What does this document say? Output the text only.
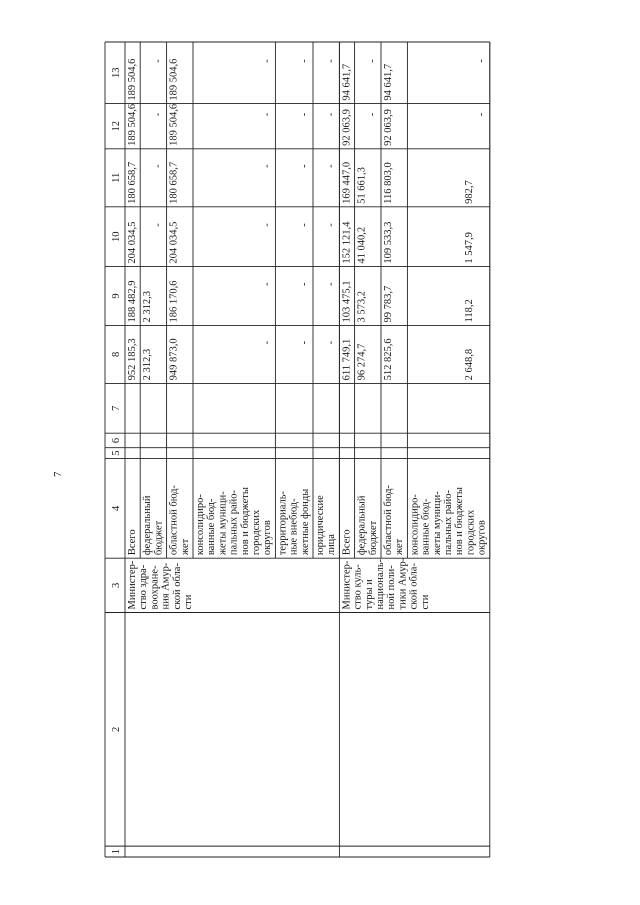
7
1
2
3
4
5
6
7
8
9
10
11
12
13
Всего
952 185,3
188 482,9
204 034,5
180 658,7
189 504,6
189 504,6
федеральный бюджет
2 312,3
2 312,3
-
-
-
-
областной бюд- жет
949 873,0
186 170,6
204 034,5
180 658,7
189 504,6
189 504,6
консолидиро- ванные бюд- жеты муници- пальных райо- нов и бюджеты городских округов
-
-
-
-
-
-
территориаль- ные внебюд- жетные фонды
-
-
-
-
-
-
юридические лица
-
-
-
-
-
-
Министер- ство здра- воохране- ния Амур- ской обла- сти
Всего
611 749,1
103 475,1
152 121,4
169 447,0
92 063,9
94 641,7
федеральный бюджет
96 274,7
3 573,2
41 040,2
51 661,3
-
-
областной бюд- жет
512 825,6
99 783,7
109 533,3
116 803,0
92 063,9
94 641,7
консолидиро- ванные бюд- жеты муници- пальных райо- нов и бюджеты городских округов
2 648,8
118,2
1 547,9
982,7
-
-
Министер- ство куль- туры и националь- ной поли- тики Амур- ской обла- сти
